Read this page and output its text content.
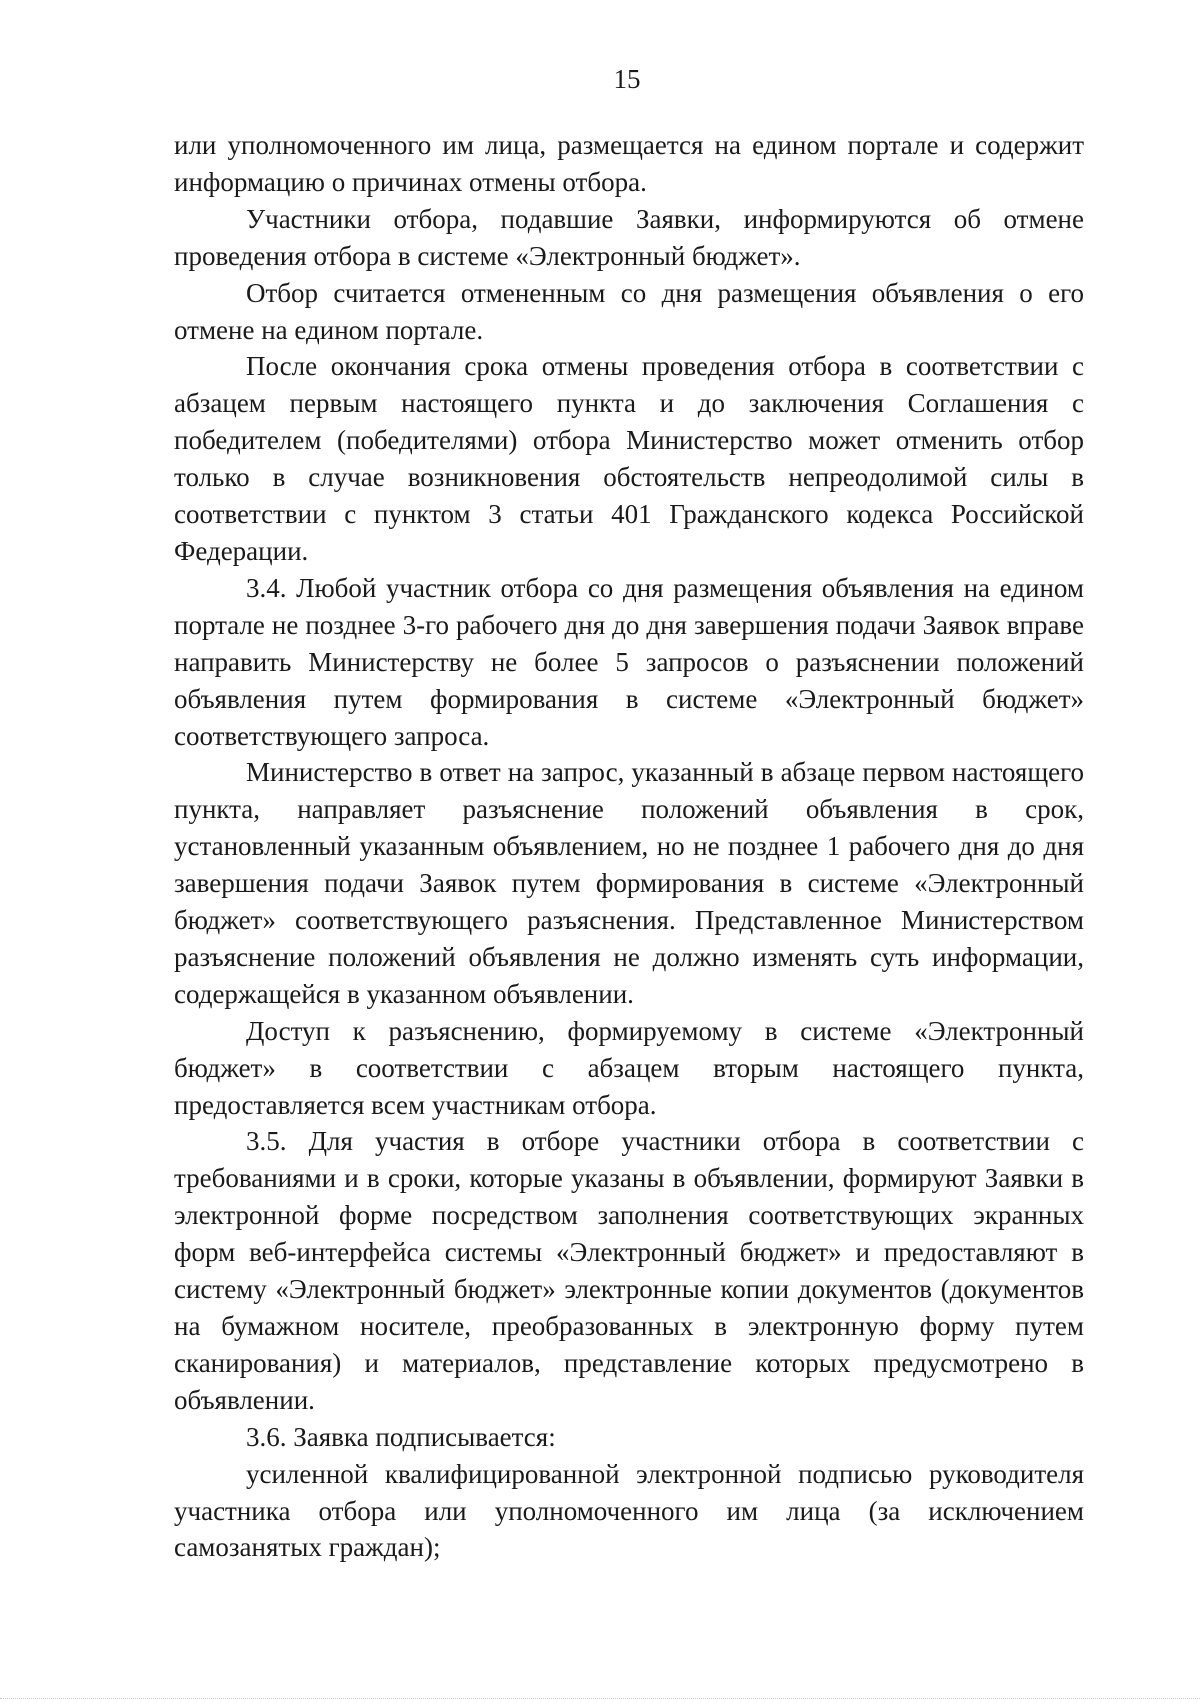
15

или уполномоченного им лица, размещается на едином портале и содержит информацию о причинах отмены отбора.

Участники отбора, подавшие Заявки, информируются об отмене проведения отбора в системе «Электронный бюджет».

Отбор считается отмененным со дня размещения объявления о его отмене на едином портале.

После окончания срока отмены проведения отбора в соответствии с абзацем первым настоящего пункта и до заключения Соглашения с победителем (победителями) отбора Министерство может отменить отбор только в случае возникновения обстоятельств непреодолимой силы в соответствии с пунктом 3 статьи 401 Гражданского кодекса Российской Федерации.

3.4. Любой участник отбора со дня размещения объявления на едином портале не позднее 3-го рабочего дня до дня завершения подачи Заявок вправе направить Министерству не более 5 запросов о разъяснении положений объявления путем формирования в системе «Электронный бюджет» соответствующего запроса.

Министерство в ответ на запрос, указанный в абзаце первом настоящего пункта, направляет разъяснение положений объявления в срок, установленный указанным объявлением, но не позднее 1 рабочего дня до дня завершения подачи Заявок путем формирования в системе «Электронный бюджет» соответствующего разъяснения. Представленное Министерством разъяснение положений объявления не должно изменять суть информации, содержащейся в указанном объявлении.

Доступ к разъяснению, формируемому в системе «Электронный бюджет» в соответствии с абзацем вторым настоящего пункта, предоставляется всем участникам отбора.

3.5. Для участия в отборе участники отбора в соответствии с требованиями и в сроки, которые указаны в объявлении, формируют Заявки в электронной форме посредством заполнения соответствующих экранных форм веб-интерфейса системы «Электронный бюджет» и предоставляют в систему «Электронный бюджет» электронные копии документов (документов на бумажном носителе, преобразованных в электронную форму путем сканирования) и материалов, представление которых предусмотрено в объявлении.

3.6. Заявка подписывается:

усиленной квалифицированной электронной подписью руководителя участника отбора или уполномоченного им лица (за исключением самозанятых граждан);
